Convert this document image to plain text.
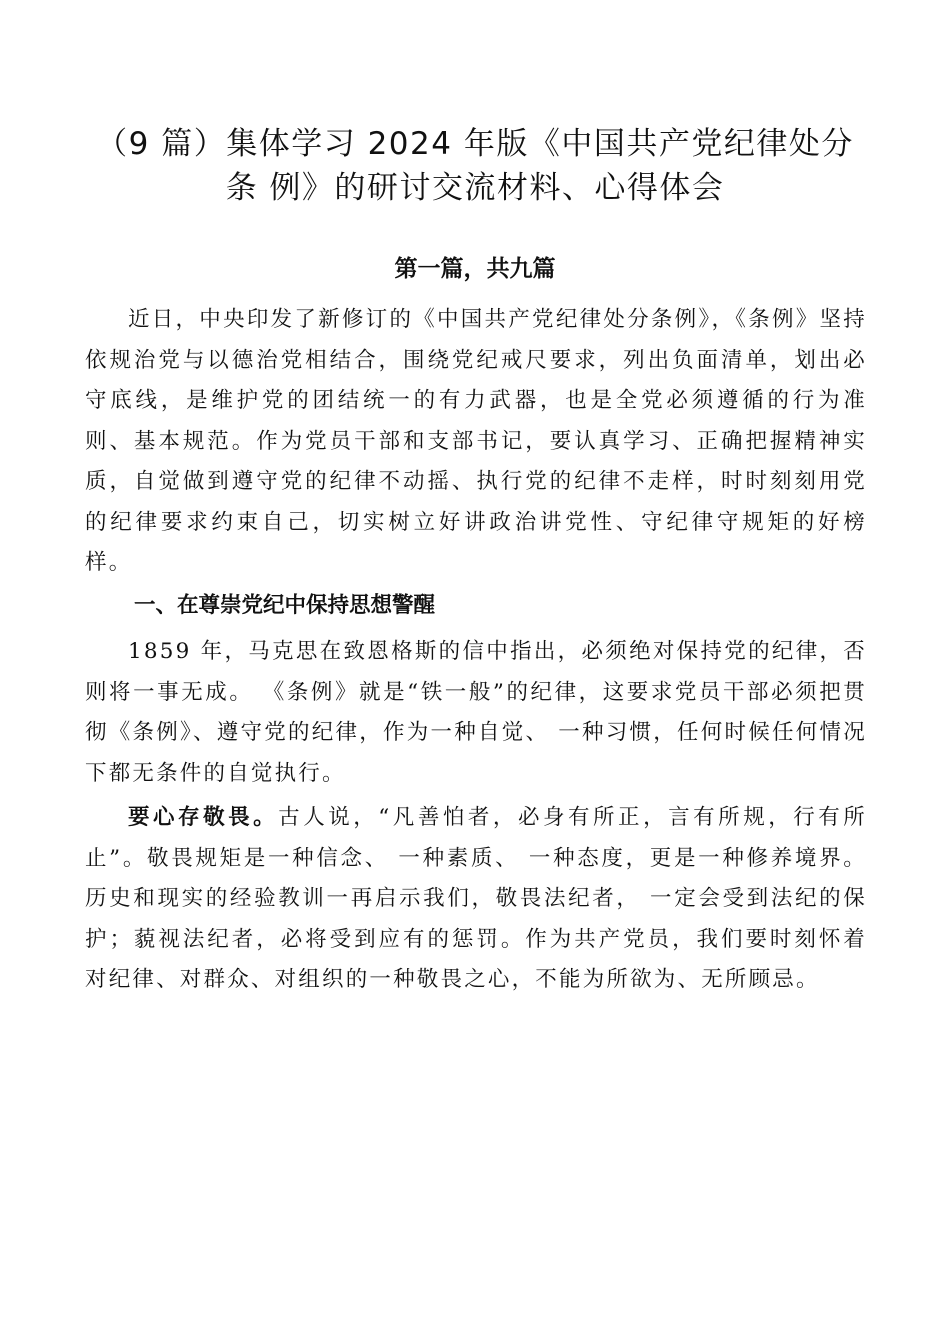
（9 篇）集体学习 2024 年版《中国共产党纪律处分
条 例》的研讨交流材料、心得体会
第一篇，共九篇

近日，中央印发了新修订的《中国共产党纪律处分条例》，《条例》坚持依规治党与以德治党相结合，围绕党纪戒尺要求，列出负面清单，划出必守底线，是维护党的团结统一的有力武器，也是全党必须遵循的行为准则、基本规范。作为党员干部和支部书记，要认真学习、正确把握精神实质，自觉做到遵守党的纪律不动摇、执行党的纪律不走样，时时刻刻用党的纪律要求约束自己，切实树立好讲政治讲党性、守纪律守规矩的好榜样。

一、在尊崇党纪中保持思想警醒

1859 年，马克思在致恩格斯的信中指出，必须绝对保持党的纪律，否则将一事无成。 《条例》就是“铁一般”的纪律，这要求党员干部必须把贯彻《条例》、遵守党的纪律，作为一种自觉、 一种习惯，任何时候任何情况下都无条件的自觉执行。

要心存敬畏。古人说，“凡善怕者，必身有所正，言有所规，行有所止”。敬畏规矩是一种信念、 一种素质、 一种态度，更是一种修养境界。历史和现实的经验教训一再启示我们，敬畏法纪者， 一定会受到法纪的保护；藐视法纪者，必将受到应有的惩罚。作为共产党员，我们要时刻怀着对纪律、对群众、对组织的一种敬畏之心，不能为所欲为、无所顾忌。
